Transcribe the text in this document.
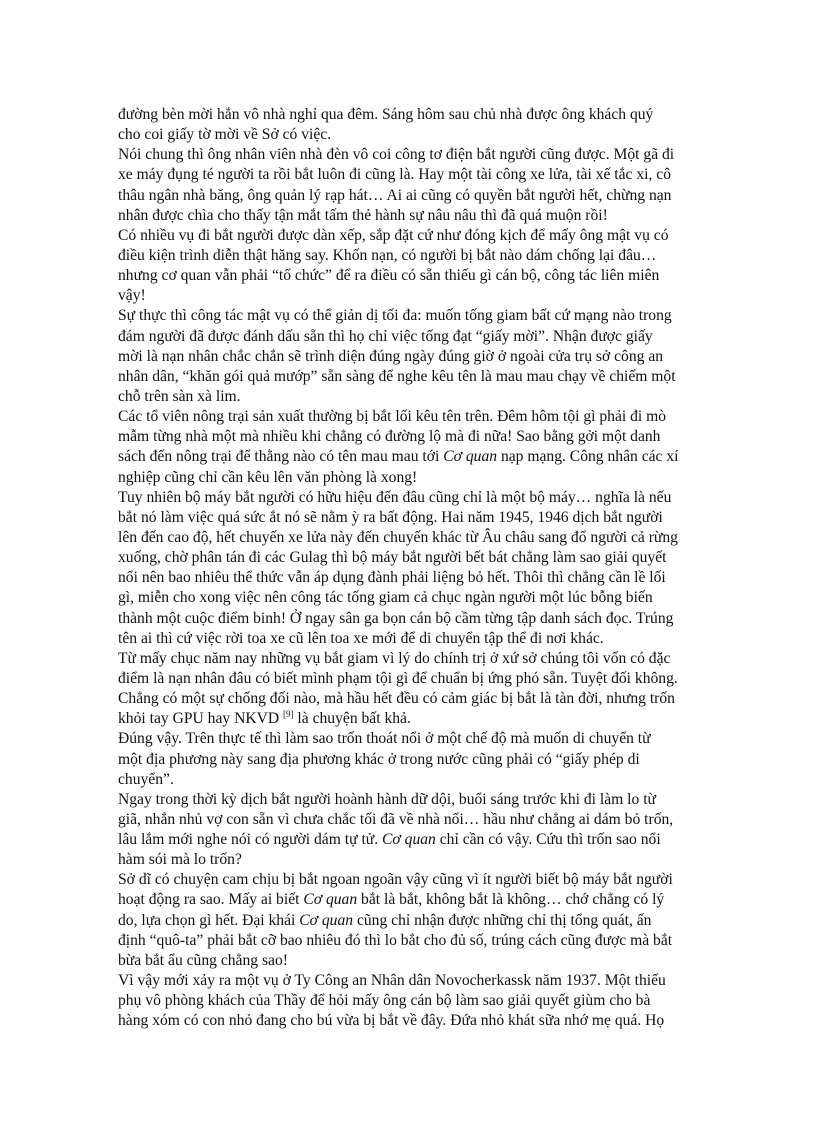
đường bèn mời hắn vô nhà nghỉ qua đêm. Sáng hôm sau chủ nhà được ông khách quý
cho coi giấy tờ mời về Sở có việc.
Nói chung thì ông nhân viên nhà đèn vô coi công tơ điện bắt người cũng được. Một gã đi
xe máy đụng té người ta rồi bắt luôn đi cũng là. Hay một tài công xe lửa, tài xế tắc xi, cô
thâu ngân nhà băng, ông quản lý rạp hát… Ai ai cũng có quyền bắt người hết, chừng nạn
nhân được chìa cho thấy tận mắt tấm thẻ hành sự nâu nâu thì đã quá muộn rồi!
Có nhiều vụ đi bắt người được dàn xếp, sắp đặt cứ như đóng kịch để mấy ông mật vụ có
điều kiện trình diễn thật hăng say. Khốn nạn, có người bị bắt nào dám chống lại đâu…
nhưng cơ quan vẫn phải “tổ chức” để ra điều có sẵn thiếu gì cán bộ, công tác liên miên
vậy!
Sự thực thì công tác mật vụ có thể giản dị tối đa: muốn tống giam bất cứ mạng nào trong
đám người đã được đánh dấu sẵn thì họ chỉ việc tống đạt “giấy mời”. Nhận được giấy
mời là nạn nhân chắc chắn sẽ trình diện đúng ngày đúng giờ ở ngoài cửa trụ sở công an
nhân dân, “khăn gói quả mướp” sẵn sàng để nghe kêu tên là mau mau chạy về chiếm một
chỗ trên sàn xà lim.
Các tổ viên nông trại sản xuất thường bị bắt lối kêu tên trên. Đêm hôm tội gì phải đi mò
mẫm từng nhà một mà nhiều khi chẳng có đường lộ mà đi nữa! Sao bằng gởi một danh
sách đến nông trại để thằng nào có tên mau mau tới Cơ quan nạp mạng. Công nhân các xí
nghiệp cũng chỉ cần kêu lên văn phòng là xong!
Tuy nhiên bộ máy bắt người có hữu hiệu đến đâu cũng chỉ là một bộ máy… nghĩa là nếu
bắt nó làm việc quá sức ắt nó sẽ nằm ỳ ra bất động. Hai năm 1945, 1946 dịch bắt người
lên đến cao độ, hết chuyến xe lửa này đến chuyến khác từ Âu châu sang đổ người cả rừng
xuống, chờ phân tán đi các Gulag thì bộ máy bắt người bết bát chẳng làm sao giải quyết
nổi nên bao nhiêu thể thức vẫn áp dụng đành phải liệng bỏ hết. Thôi thì chẳng cần lề lối
gì, miễn cho xong việc nên công tác tống giam cả chục ngàn người một lúc bỗng biến
thành một cuộc điểm binh! Ở ngay sân ga bọn cán bộ cầm từng tập danh sách đọc. Trúng
tên ai thì cứ việc rời toa xe cũ lên toa xe mới để di chuyển tập thể đi nơi khác.
Từ mấy chục năm nay những vụ bắt giam vì lý do chính trị ở xứ sở chúng tôi vốn có đặc
điểm là nạn nhân đâu có biết mình phạm tội gì để chuẩn bị ứng phó sẵn. Tuyệt đối không.
Chẳng có một sự chống đối nào, mà hầu hết đều có cảm giác bị bắt là tàn đời, nhưng trốn
khỏi tay GPU hay NKVD [9] là chuyện bất khả.
Đúng vậy. Trên thực tế thì làm sao trốn thoát nổi ở một chế độ mà muốn di chuyển từ
một địa phương này sang địa phương khác ở trong nước cũng phải có “giấy phép di
chuyển”.
Ngay trong thời kỳ dịch bắt người hoành hành dữ dội, buổi sáng trước khi đi làm lo từ
giã, nhắn nhủ vợ con sẵn vì chưa chắc tối đã về nhà nổi… hầu như chẳng ai dám bỏ trốn,
lâu lắm mới nghe nói có người dám tự tử. Cơ quan chỉ cần có vậy. Cứu thì trốn sao nổi
hàm sói mà lo trốn?
Sở dĩ có chuyện cam chịu bị bắt ngoan ngoãn vậy cũng vì ít người biết bộ máy bắt người
hoạt động ra sao. Mấy ai biết Cơ quan bắt là bắt, không bắt là không… chớ chẳng có lý
do, lựa chọn gì hết. Đại khái Cơ quan cũng chỉ nhận được những chỉ thị tổng quát, ấn
định “quô-ta” phải bắt cỡ bao nhiêu đó thì lo bắt cho đủ số, trúng cách cũng được mà bắt
bừa bắt ẩu cũng chẳng sao!
Vì vậy mới xảy ra một vụ ở Ty Công an Nhân dân Novocherkassk năm 1937. Một thiếu
phụ vô phòng khách của Thầy để hỏi mấy ông cán bộ làm sao giải quyết giùm cho bà
hàng xóm có con nhỏ đang cho bú vừa bị bắt về đây. Đứa nhỏ khát sữa nhớ mẹ quá. Họ
